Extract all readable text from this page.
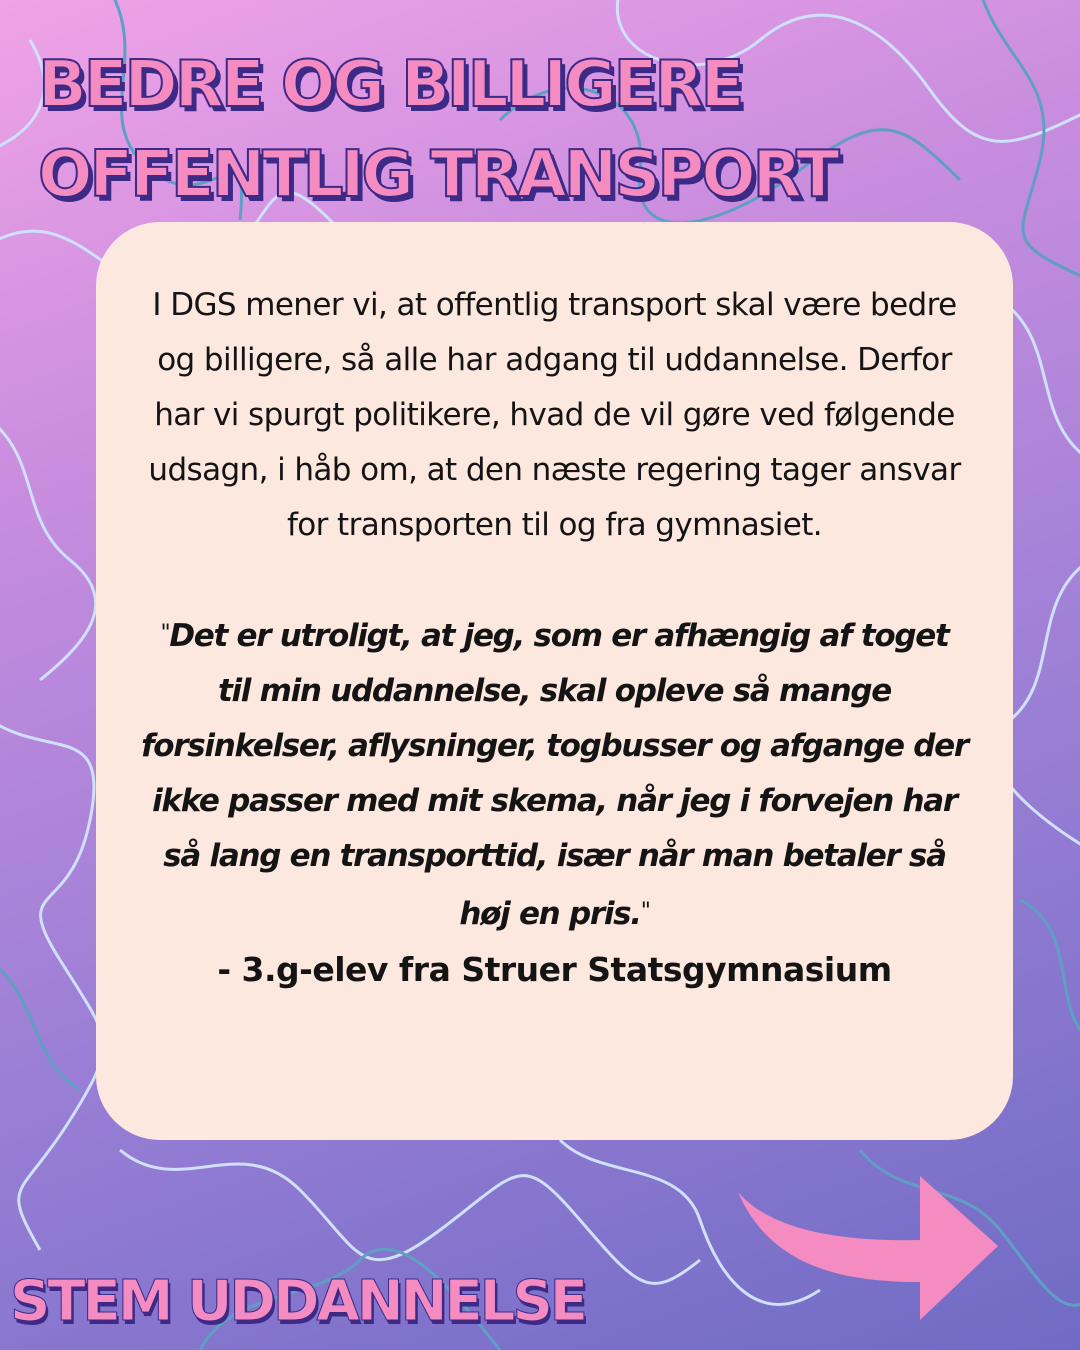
BEDRE OG BILLIGERE OFFENTLIG TRANSPORT

I DGS mener vi, at offentlig transport skal være bedre og billigere, så alle har adgang til uddannelse. Derfor har vi spurgt politikere, hvad de vil gøre ved følgende udsagn, i håb om, at den næste regering tager ansvar for transporten til og fra gymnasiet.

"Det er utroligt, at jeg, som er afhængig af toget til min uddannelse, skal opleve så mange forsinkelser, aflysninger, togbusser og afgange der ikke passer med mit skema, når jeg i forvejen har så lang en transporttid, især når man betaler så høj en pris."

- 3.g-elev fra Struer Statsgymnasium

STEM UDDANNELSE
